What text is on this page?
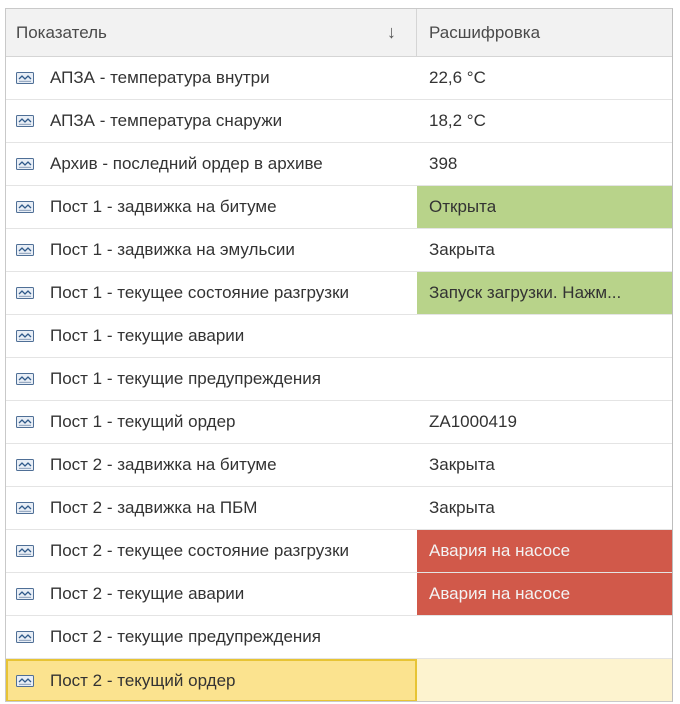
Показатель	↓ Расшифровка
АПЗА - температура внутри	22,6 °C
АПЗА - температура снаружи	18,2 °C
Архив - последний ордер в архиве	398
Пост 1 - задвижка на битуме	Открыта
Пост 1 - задвижка на эмульсии	Закрыта
Пост 1 - текущее состояние разгрузки	Запуск загрузки. Нажм...
Пост 1 - текущие аварии
Пост 1 - текущие предупреждения
Пост 1 - текущий ордер	ZA1000419
Пост 2 - задвижка на битуме	Закрыта
Пост 2 - задвижка на ПБМ	Закрыта
Пост 2 - текущее состояние разгрузки	Авария на насосе
Пост 2 - текущие аварии	Авария на насосе
Пост 2 - текущие предупреждения
Пост 2 - текущий ордер
